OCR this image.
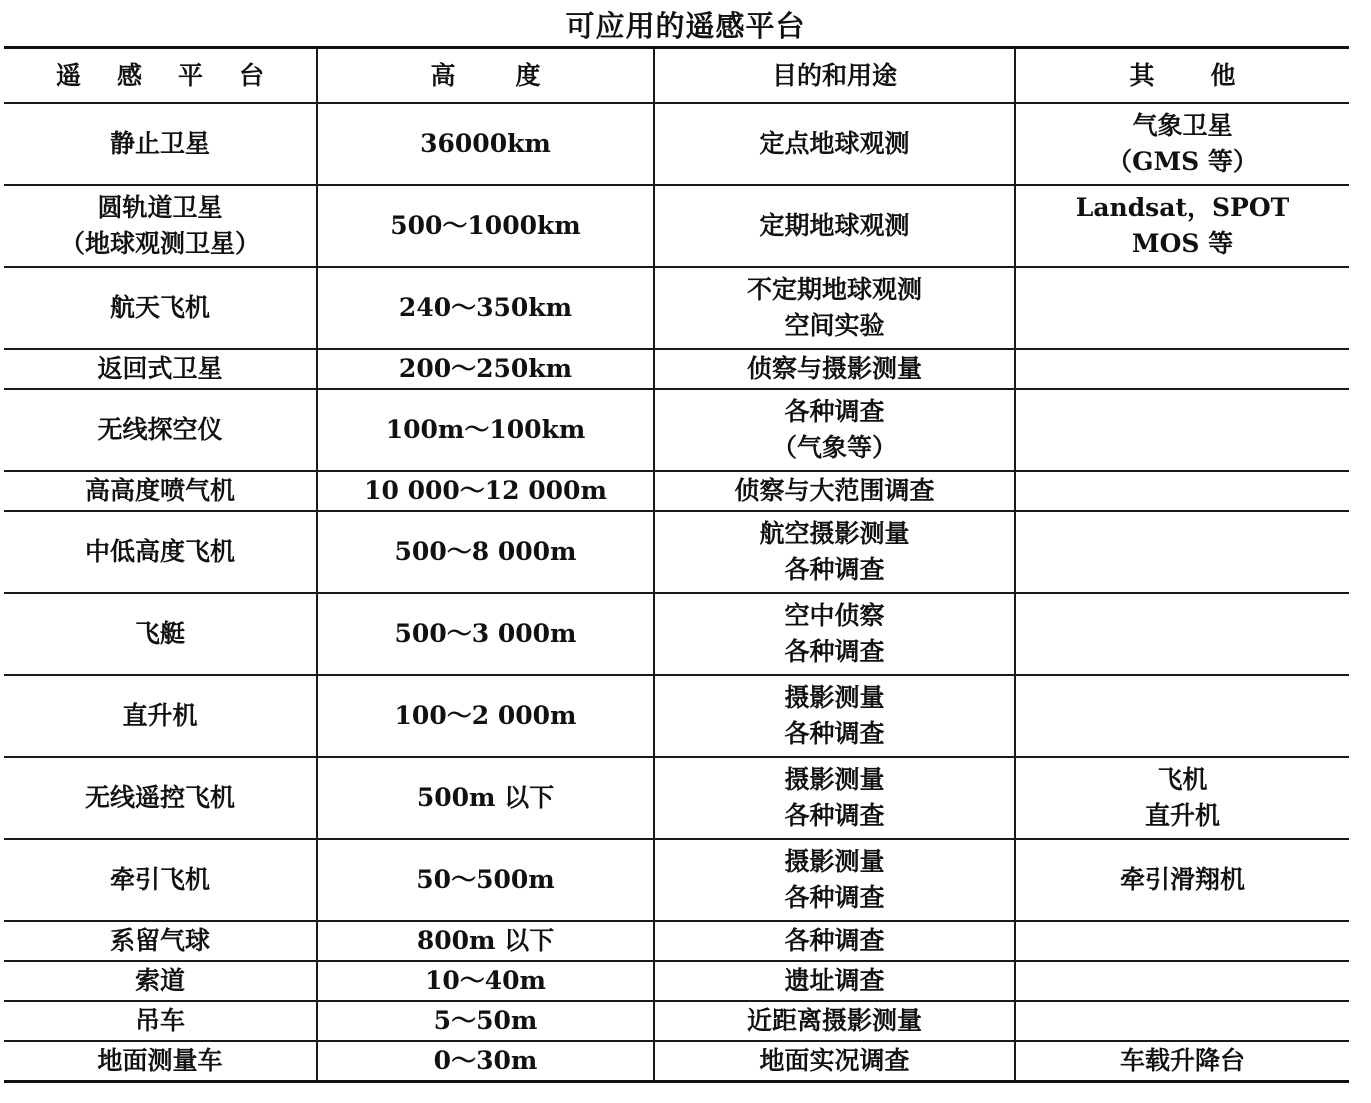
可应用的遥感平台
遥感平台	高度	目的和用途	其他

静止卫星	36000km	定点地球观测	气象卫星
（GMS 等）

圆轨道卫星
（地球观测卫星）	500～1000km	定期地球观测	Landsat，SPOT
MOS 等

航天飞机	240～350km	不定期地球观测
空间实验	

返回式卫星	200～250km	侦察与摄影测量	

无线探空仪	100m～100km	各种调查
（气象等）	

高高度喷气机	10 000～12 000m	侦察与大范围调查	

中低高度飞机	500～8 000m	航空摄影测量
各种调查	

飞艇	500～3 000m	空中侦察
各种调查	

直升机	100～2 000m	摄影测量
各种调查	

无线遥控飞机	500m 以下	摄影测量
各种调查	飞机
直升机

牵引飞机	50～500m	摄影测量
各种调查	牵引滑翔机

系留气球	800m 以下	各种调查	

索道	10～40m	遗址调查	

吊车	5～50m	近距离摄影测量	

地面测量车	0～30m	地面实况调查	车载升降台
